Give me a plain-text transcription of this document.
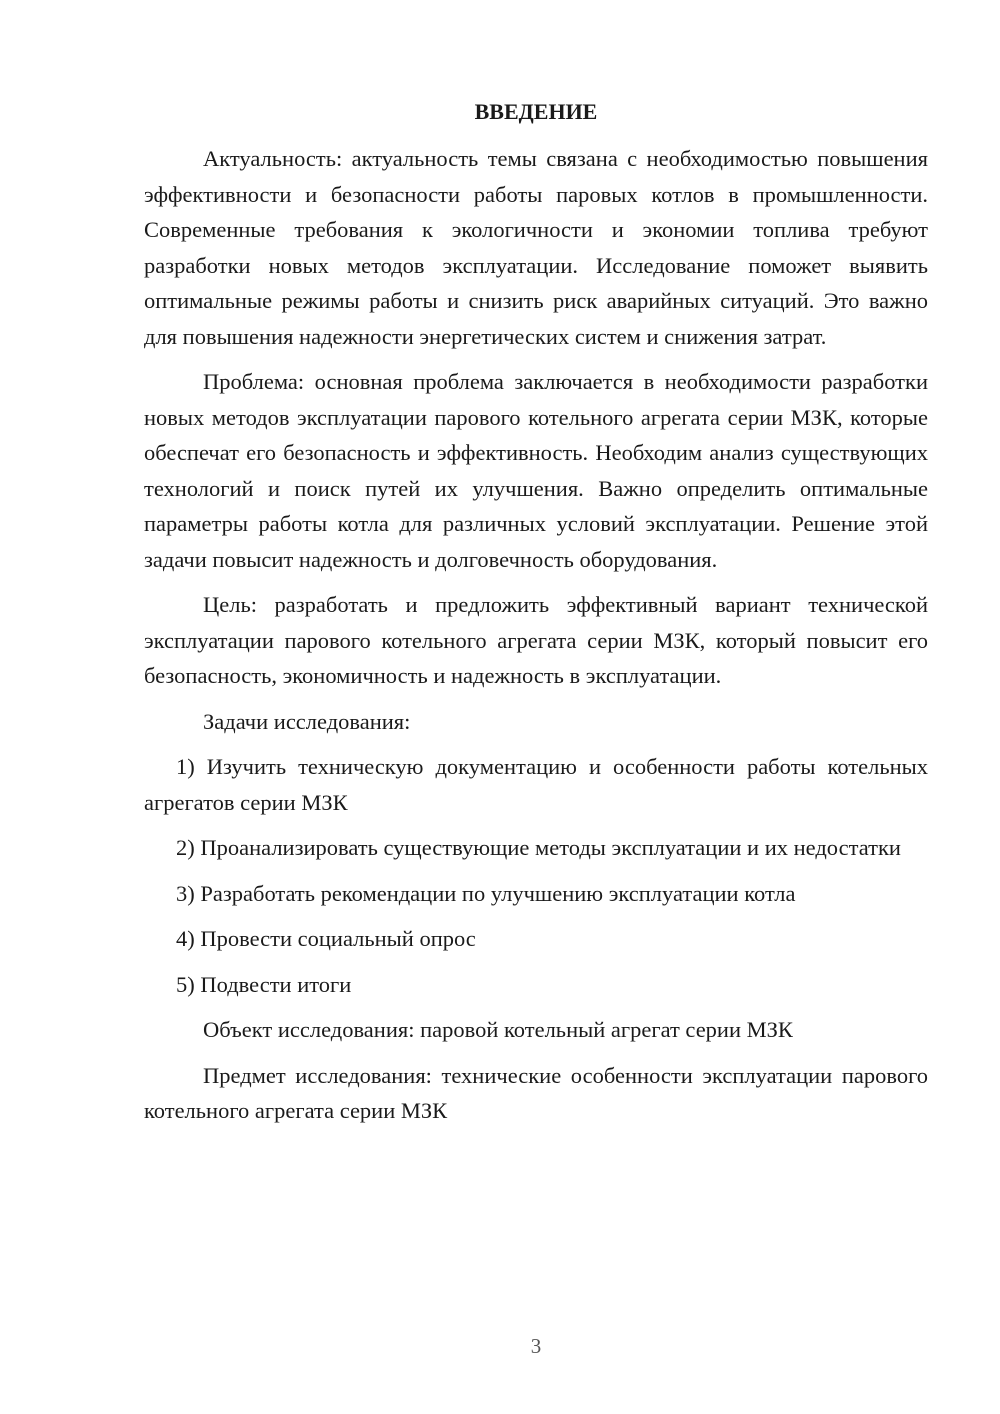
ВВЕДЕНИЕ

Актуальность: актуальность темы связана с необходимостью повышения эффективности и безопасности работы паровых котлов в промышленности. Современные требования к экологичности и экономии топлива требуют разработки новых методов эксплуатации. Исследование поможет выявить оптимальные режимы работы и снизить риск аварийных ситуаций. Это важно для повышения надежности энергетических систем и снижения затрат.

Проблема: основная проблема заключается в необходимости разработки новых методов эксплуатации парового котельного агрегата серии МЗК, которые обеспечат его безопасность и эффективность. Необходим анализ существующих технологий и поиск путей их улучшения. Важно определить оптимальные параметры работы котла для различных условий эксплуатации. Решение этой задачи повысит надежность и долговечность оборудования.

Цель: разработать и предложить эффективный вариант технической эксплуатации парового котельного агрегата серии МЗК, который повысит его безопасность, экономичность и надежность в эксплуатации.

Задачи исследования:

1) Изучить техническую документацию и особенности работы котельных агрегатов серии МЗК

2) Проанализировать существующие методы эксплуатации и их недостатки

3) Разработать рекомендации по улучшению эксплуатации котла

4) Провести социальный опрос

5) Подвести итоги

Объект исследования: паровой котельный агрегат серии МЗК

Предмет исследования: технические особенности эксплуатации парового котельного агрегата серии МЗК

3
